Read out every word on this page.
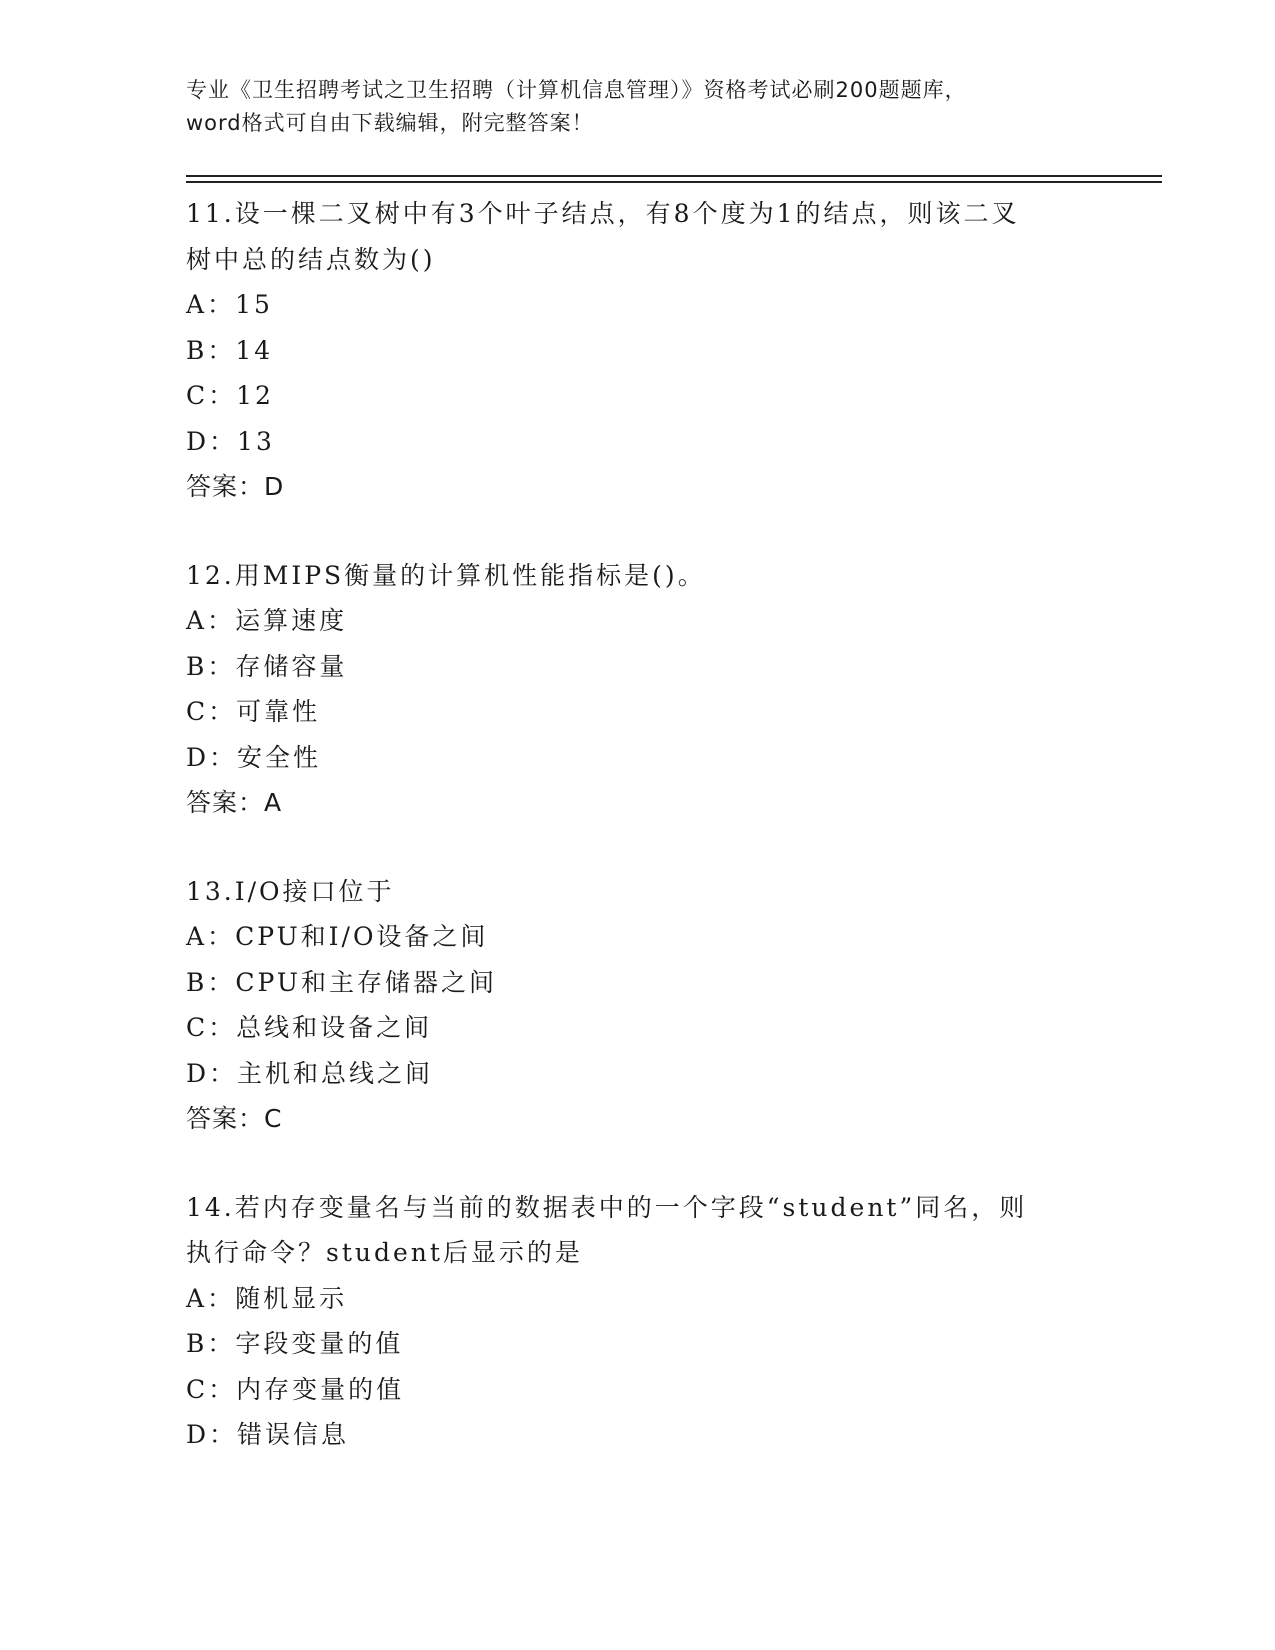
专业《卫生招聘考试之卫生招聘（计算机信息管理）》资格考试必刷200题题库，
word格式可自由下载编辑，附完整答案！
11.设一棵二叉树中有3个叶子结点，有8个度为1的结点，则该二叉
树中总的结点数为()
A：15
B：14
C：12
D：13
答案：D
12.用MIPS衡量的计算机性能指标是()。
A：运算速度
B：存储容量
C：可靠性
D：安全性
答案：A
13.I/O接口位于
A：CPU和I/O设备之间
B：CPU和主存储器之间
C：总线和设备之间
D：主机和总线之间
答案：C
14.若内存变量名与当前的数据表中的一个字段“student”同名，则
执行命令？student后显示的是
A：随机显示
B：字段变量的值
C：内存变量的值
D：错误信息
